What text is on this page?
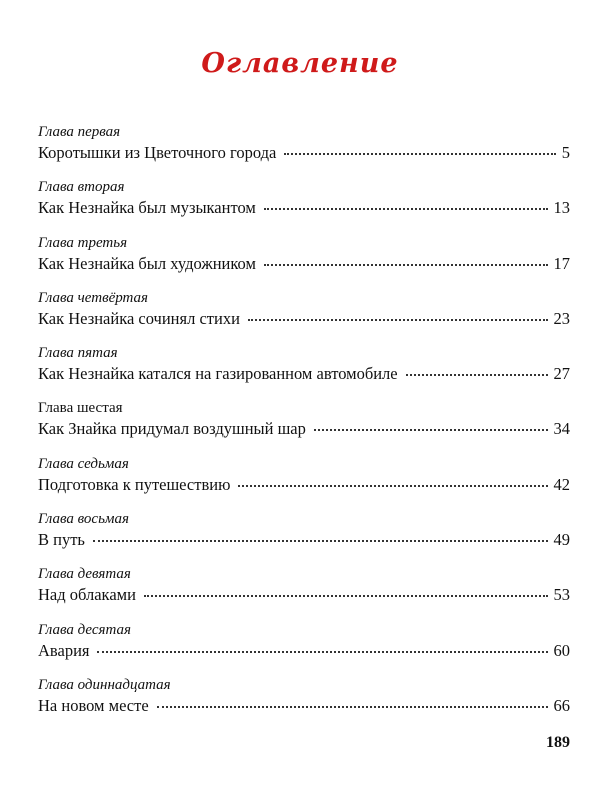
Оглавление
Глава первая
Коротышки из Цветочного города	5
Глава вторая
Как Незнайка был музыкантом	13
Глава третья
Как Незнайка был художником	17
Глава четвёртая
Как Незнайка сочинял стихи	23
Глава пятая
Как Незнайка катался на газированном автомобиле	27
Глава шестая
Как Знайка придумал воздушный шар	34
Глава седьмая
Подготовка к путешествию	42
Глава восьмая
В путь	49
Глава девятая
Над облаками	53
Глава десятая
Авария	60
Глава одиннадцатая
На новом месте	66
189
